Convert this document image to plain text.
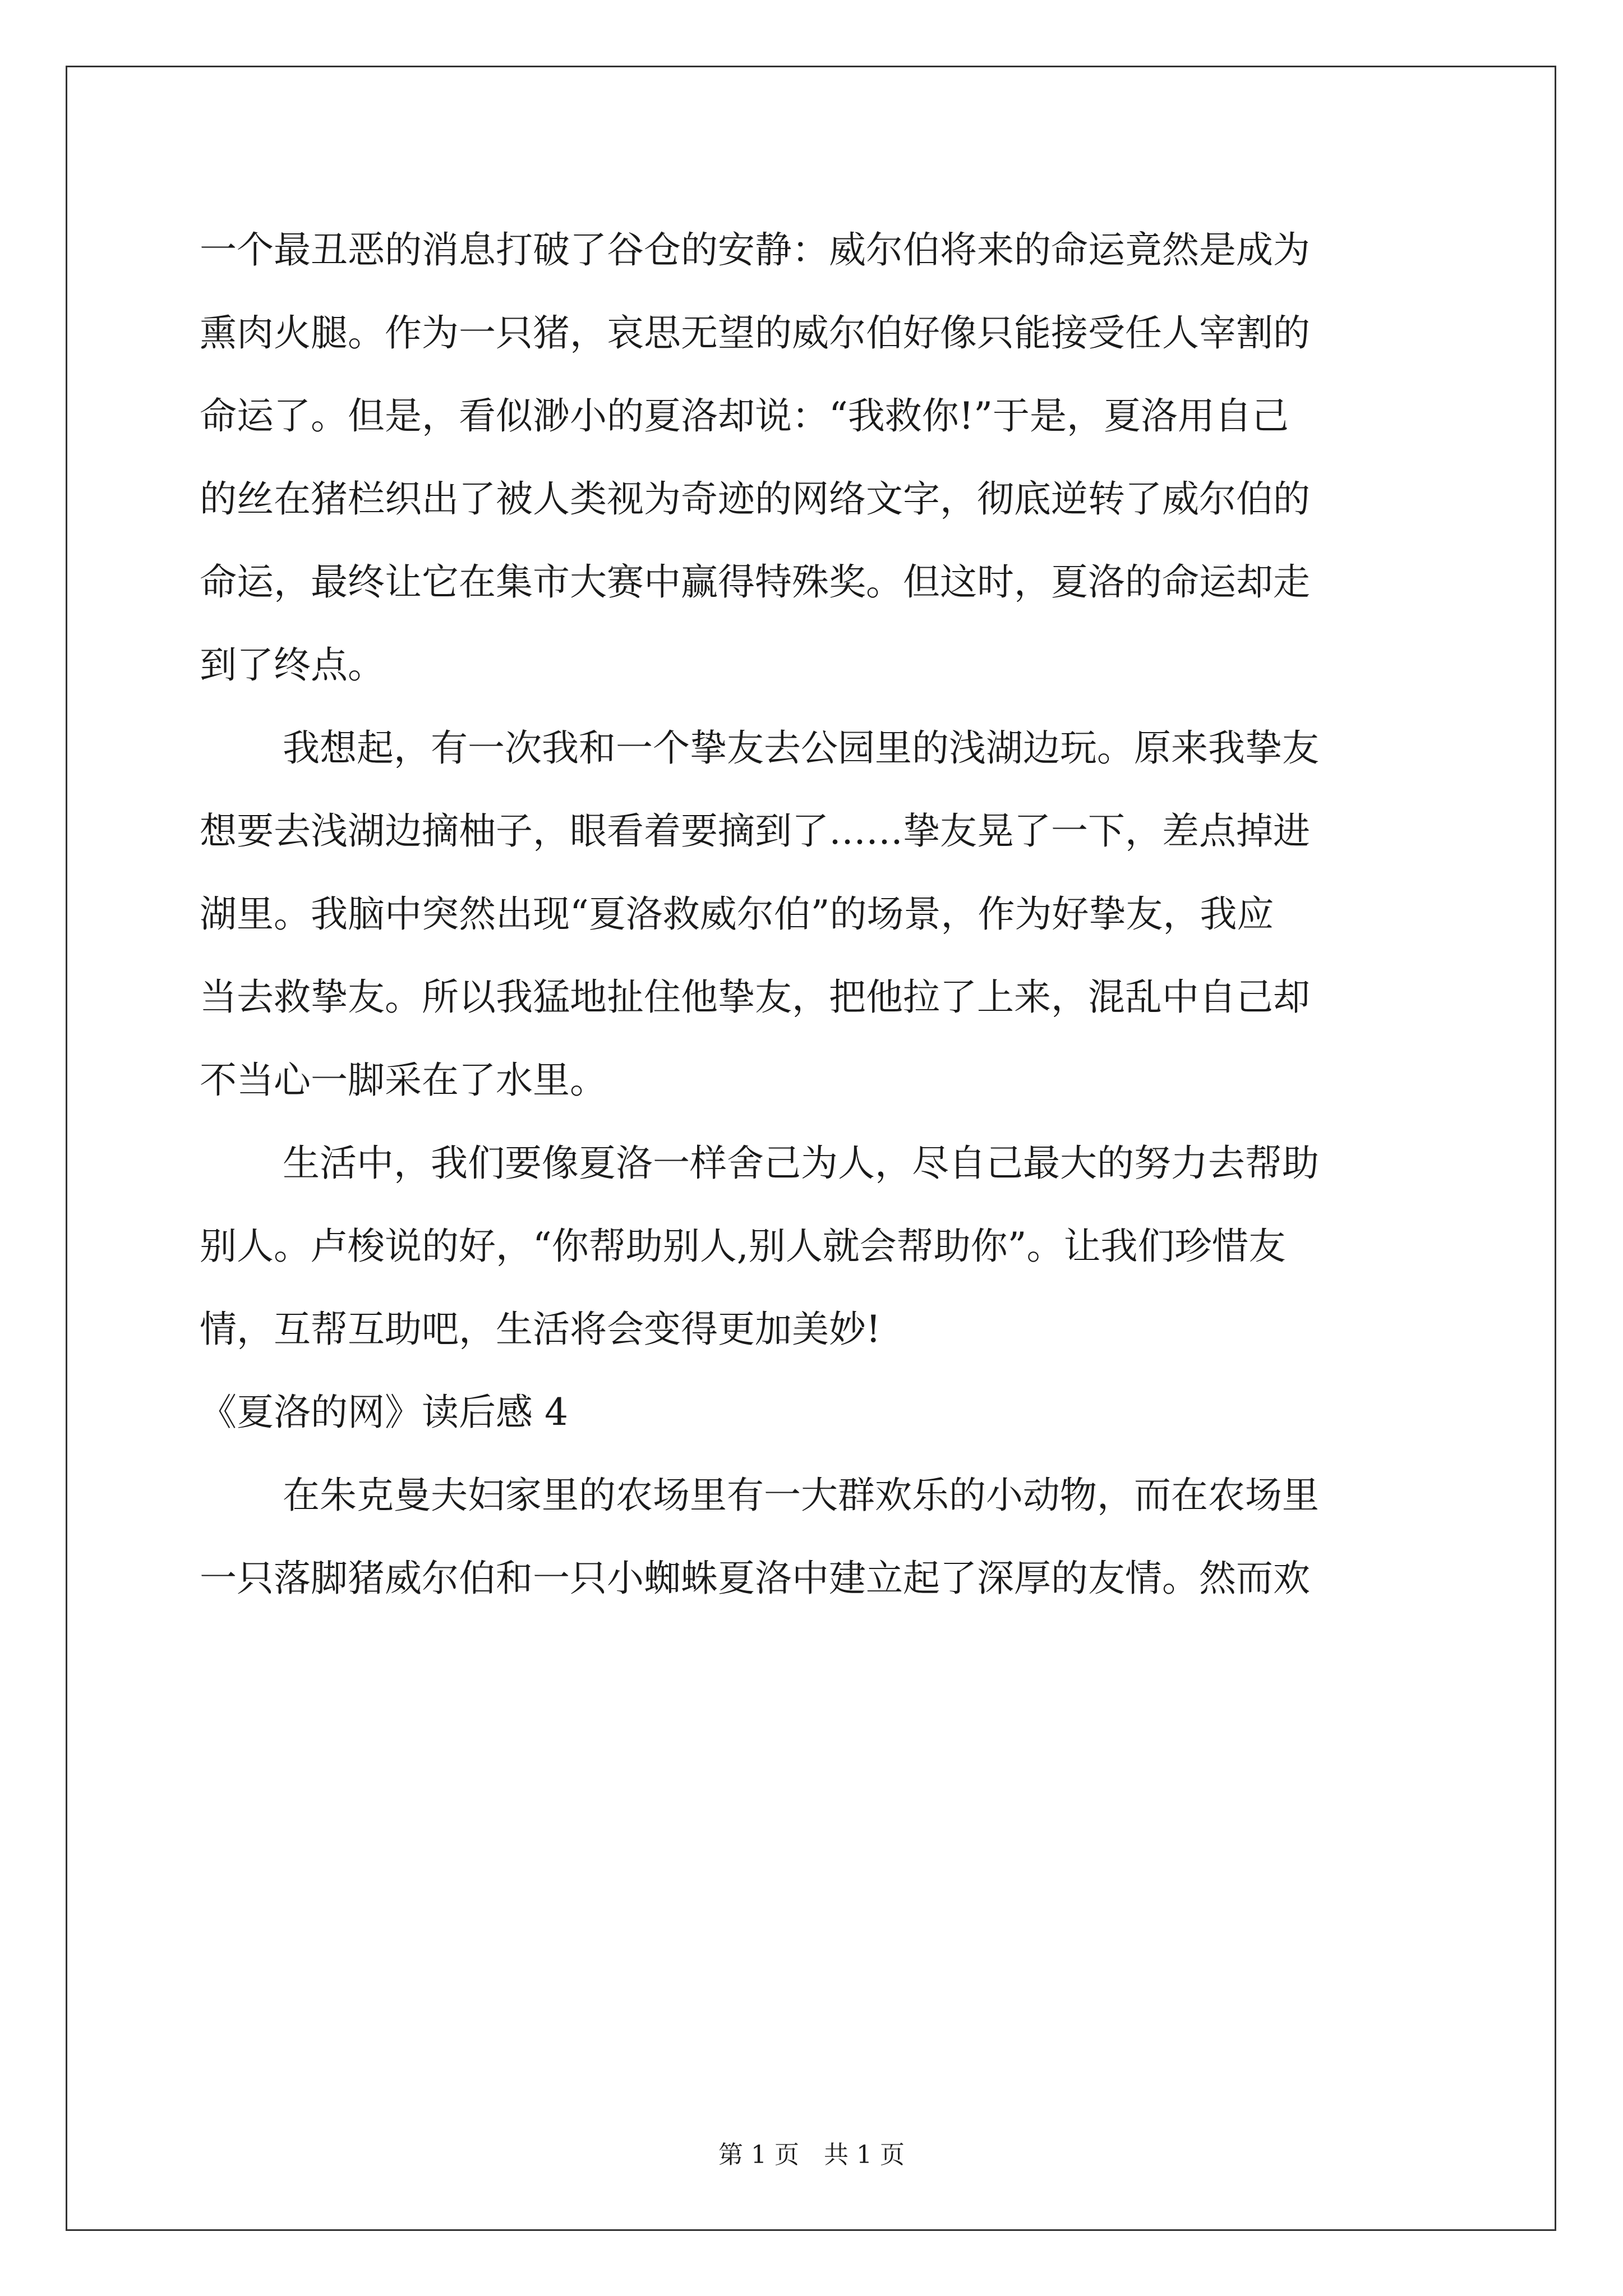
一个最丑恶的消息打破了谷仓的安静：威尔伯将来的命运竟然是成为
熏肉火腿。作为一只猪，哀思无望的威尔伯好像只能接受任人宰割的
命运了。但是，看似渺小的夏洛却说：“我救你!”于是，夏洛用自己
的丝在猪栏织出了被人类视为奇迹的网络文字，彻底逆转了威尔伯的
命运，最终让它在集市大赛中赢得特殊奖。但这时，夏洛的命运却走
到了终点。
我想起，有一次我和一个挚友去公园里的浅湖边玩。原来我挚友
想要去浅湖边摘柚子，眼看着要摘到了……挚友晃了一下，差点掉进
湖里。我脑中突然出现“夏洛救威尔伯”的场景，作为好挚友，我应
当去救挚友。所以我猛地扯住他挚友，把他拉了上来，混乱中自己却
不当心一脚采在了水里。
生活中，我们要像夏洛一样舍己为人，尽自己最大的努力去帮助
别人。卢梭说的好，“你帮助别人,别人就会帮助你”。让我们珍惜友
情，互帮互助吧，生活将会变得更加美妙!
《夏洛的网》读后感 4
在朱克曼夫妇家里的农场里有一大群欢乐的小动物，而在农场里
一只落脚猪威尔伯和一只小蜘蛛夏洛中建立起了深厚的友情。然而欢
第 1 页　共 1 页
